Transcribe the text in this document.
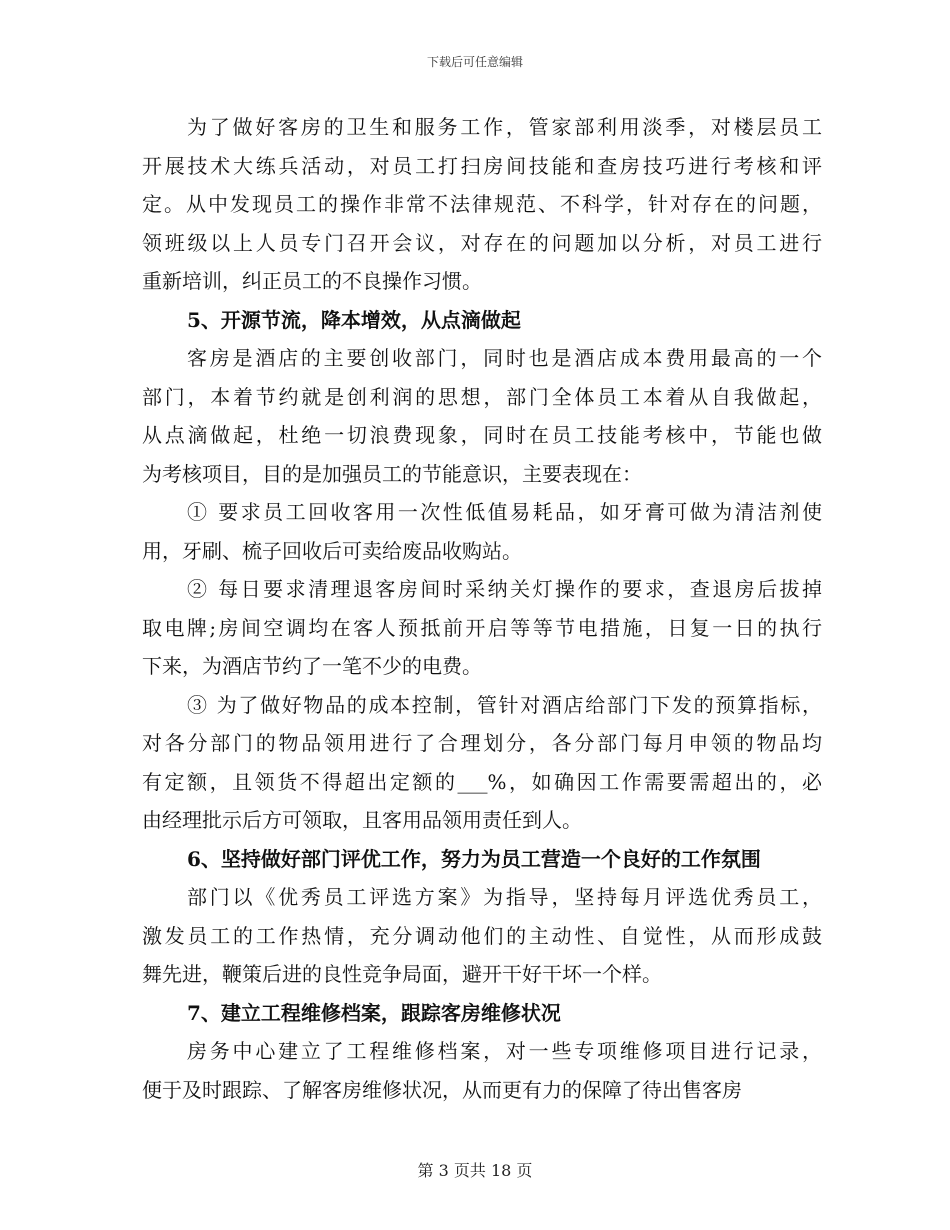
下载后可任意编辑
为了做好客房的卫生和服务工作，管家部利用淡季，对楼层员工
开展技术大练兵活动，对员工打扫房间技能和查房技巧进行考核和评
定。从中发现员工的操作非常不法律规范、不科学，针对存在的问题，
领班级以上人员专门召开会议，对存在的问题加以分析，对员工进行
重新培训，纠正员工的不良操作习惯。
5、开源节流，降本增效，从点滴做起
客房是酒店的主要创收部门，同时也是酒店成本费用最高的一个
部门，本着节约就是创利润的思想，部门全体员工本着从自我做起，
从点滴做起，杜绝一切浪费现象，同时在员工技能考核中，节能也做
为考核项目，目的是加强员工的节能意识，主要表现在：
① 要求员工回收客用一次性低值易耗品，如牙膏可做为清洁剂使
用，牙刷、梳子回收后可卖给废品收购站。
② 每日要求清理退客房间时采纳关灯操作的要求，查退房后拔掉
取电牌;房间空调均在客人预抵前开启等等节电措施，日复一日的执行
下来，为酒店节约了一笔不少的电费。
③ 为了做好物品的成本控制，管针对酒店给部门下发的预算指标，
对各分部门的物品领用进行了合理划分，各分部门每月申领的物品均
有定额，且领货不得超出定额的___%，如确因工作需要需超出的，必
由经理批示后方可领取，且客用品领用责任到人。
6、坚持做好部门评优工作，努力为员工营造一个良好的工作氛围
部门以《优秀员工评选方案》为指导，坚持每月评选优秀员工，
激发员工的工作热情，充分调动他们的主动性、自觉性，从而形成鼓
舞先进，鞭策后进的良性竞争局面，避开干好干坏一个样。
7、建立工程维修档案，跟踪客房维修状况
房务中心建立了工程维修档案，对一些专项维修项目进行记录，
便于及时跟踪、了解客房维修状况，从而更有力的保障了待出售客房
第 3 页共 18 页
